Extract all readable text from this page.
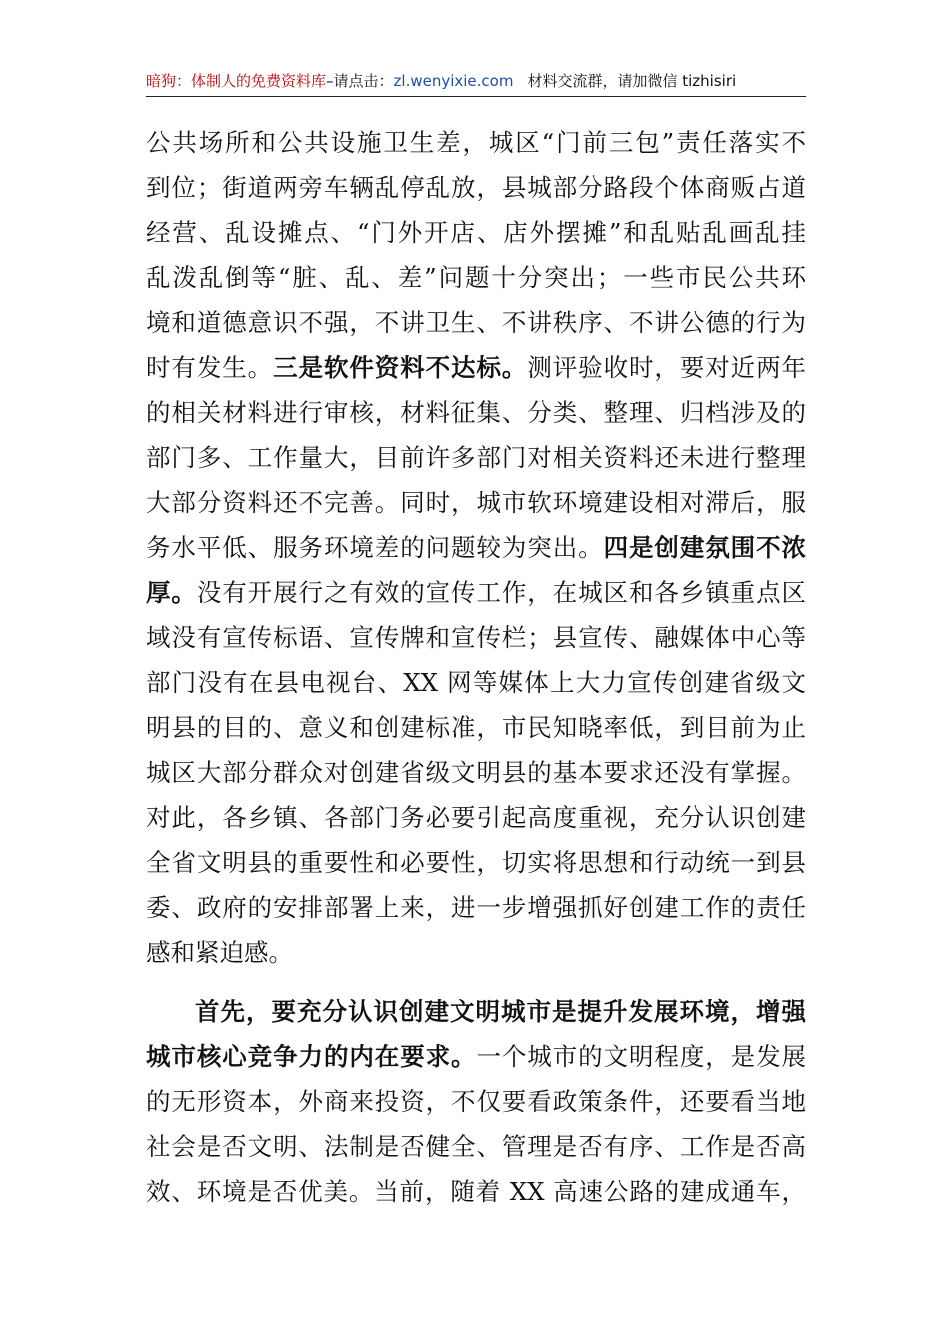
暗狗：体制人的免费资料库–请点击：zl.wenyixie.com 材料交流群，请加微信 tizhisiri
公共场所和公共设施卫生差，城区“门前三包”责任落实不
到位；街道两旁车辆乱停乱放，县城部分路段个体商贩占道
经营、乱设摊点、“门外开店、店外摆摊”和乱贴乱画乱挂
乱泼乱倒等“脏、乱、差”问题十分突出；一些市民公共环
境和道德意识不强，不讲卫生、不讲秩序、不讲公德的行为
时有发生。三是软件资料不达标。测评验收时，要对近两年
的相关材料进行审核，材料征集、分类、整理、归档涉及的
部门多、工作量大，目前许多部门对相关资料还未进行整理
大部分资料还不完善。同时，城市软环境建设相对滞后，服
务水平低、服务环境差的问题较为突出。四是创建氛围不浓
厚。没有开展行之有效的宣传工作，在城区和各乡镇重点区
域没有宣传标语、宣传牌和宣传栏；县宣传、融媒体中心等
部门没有在县电视台、XX 网等媒体上大力宣传创建省级文
明县的目的、意义和创建标准，市民知晓率低，到目前为止
城区大部分群众对创建省级文明县的基本要求还没有掌握。
对此，各乡镇、各部门务必要引起高度重视，充分认识创建
全省文明县的重要性和必要性，切实将思想和行动统一到县
委、政府的安排部署上来，进一步增强抓好创建工作的责任
感和紧迫感。
首先，要充分认识创建文明城市是提升发展环境，增强
城市核心竞争力的内在要求。一个城市的文明程度，是发展
的无形资本，外商来投资，不仅要看政策条件，还要看当地
社会是否文明、法制是否健全、管理是否有序、工作是否高
效、环境是否优美。当前，随着 XX 高速公路的建成通车，
